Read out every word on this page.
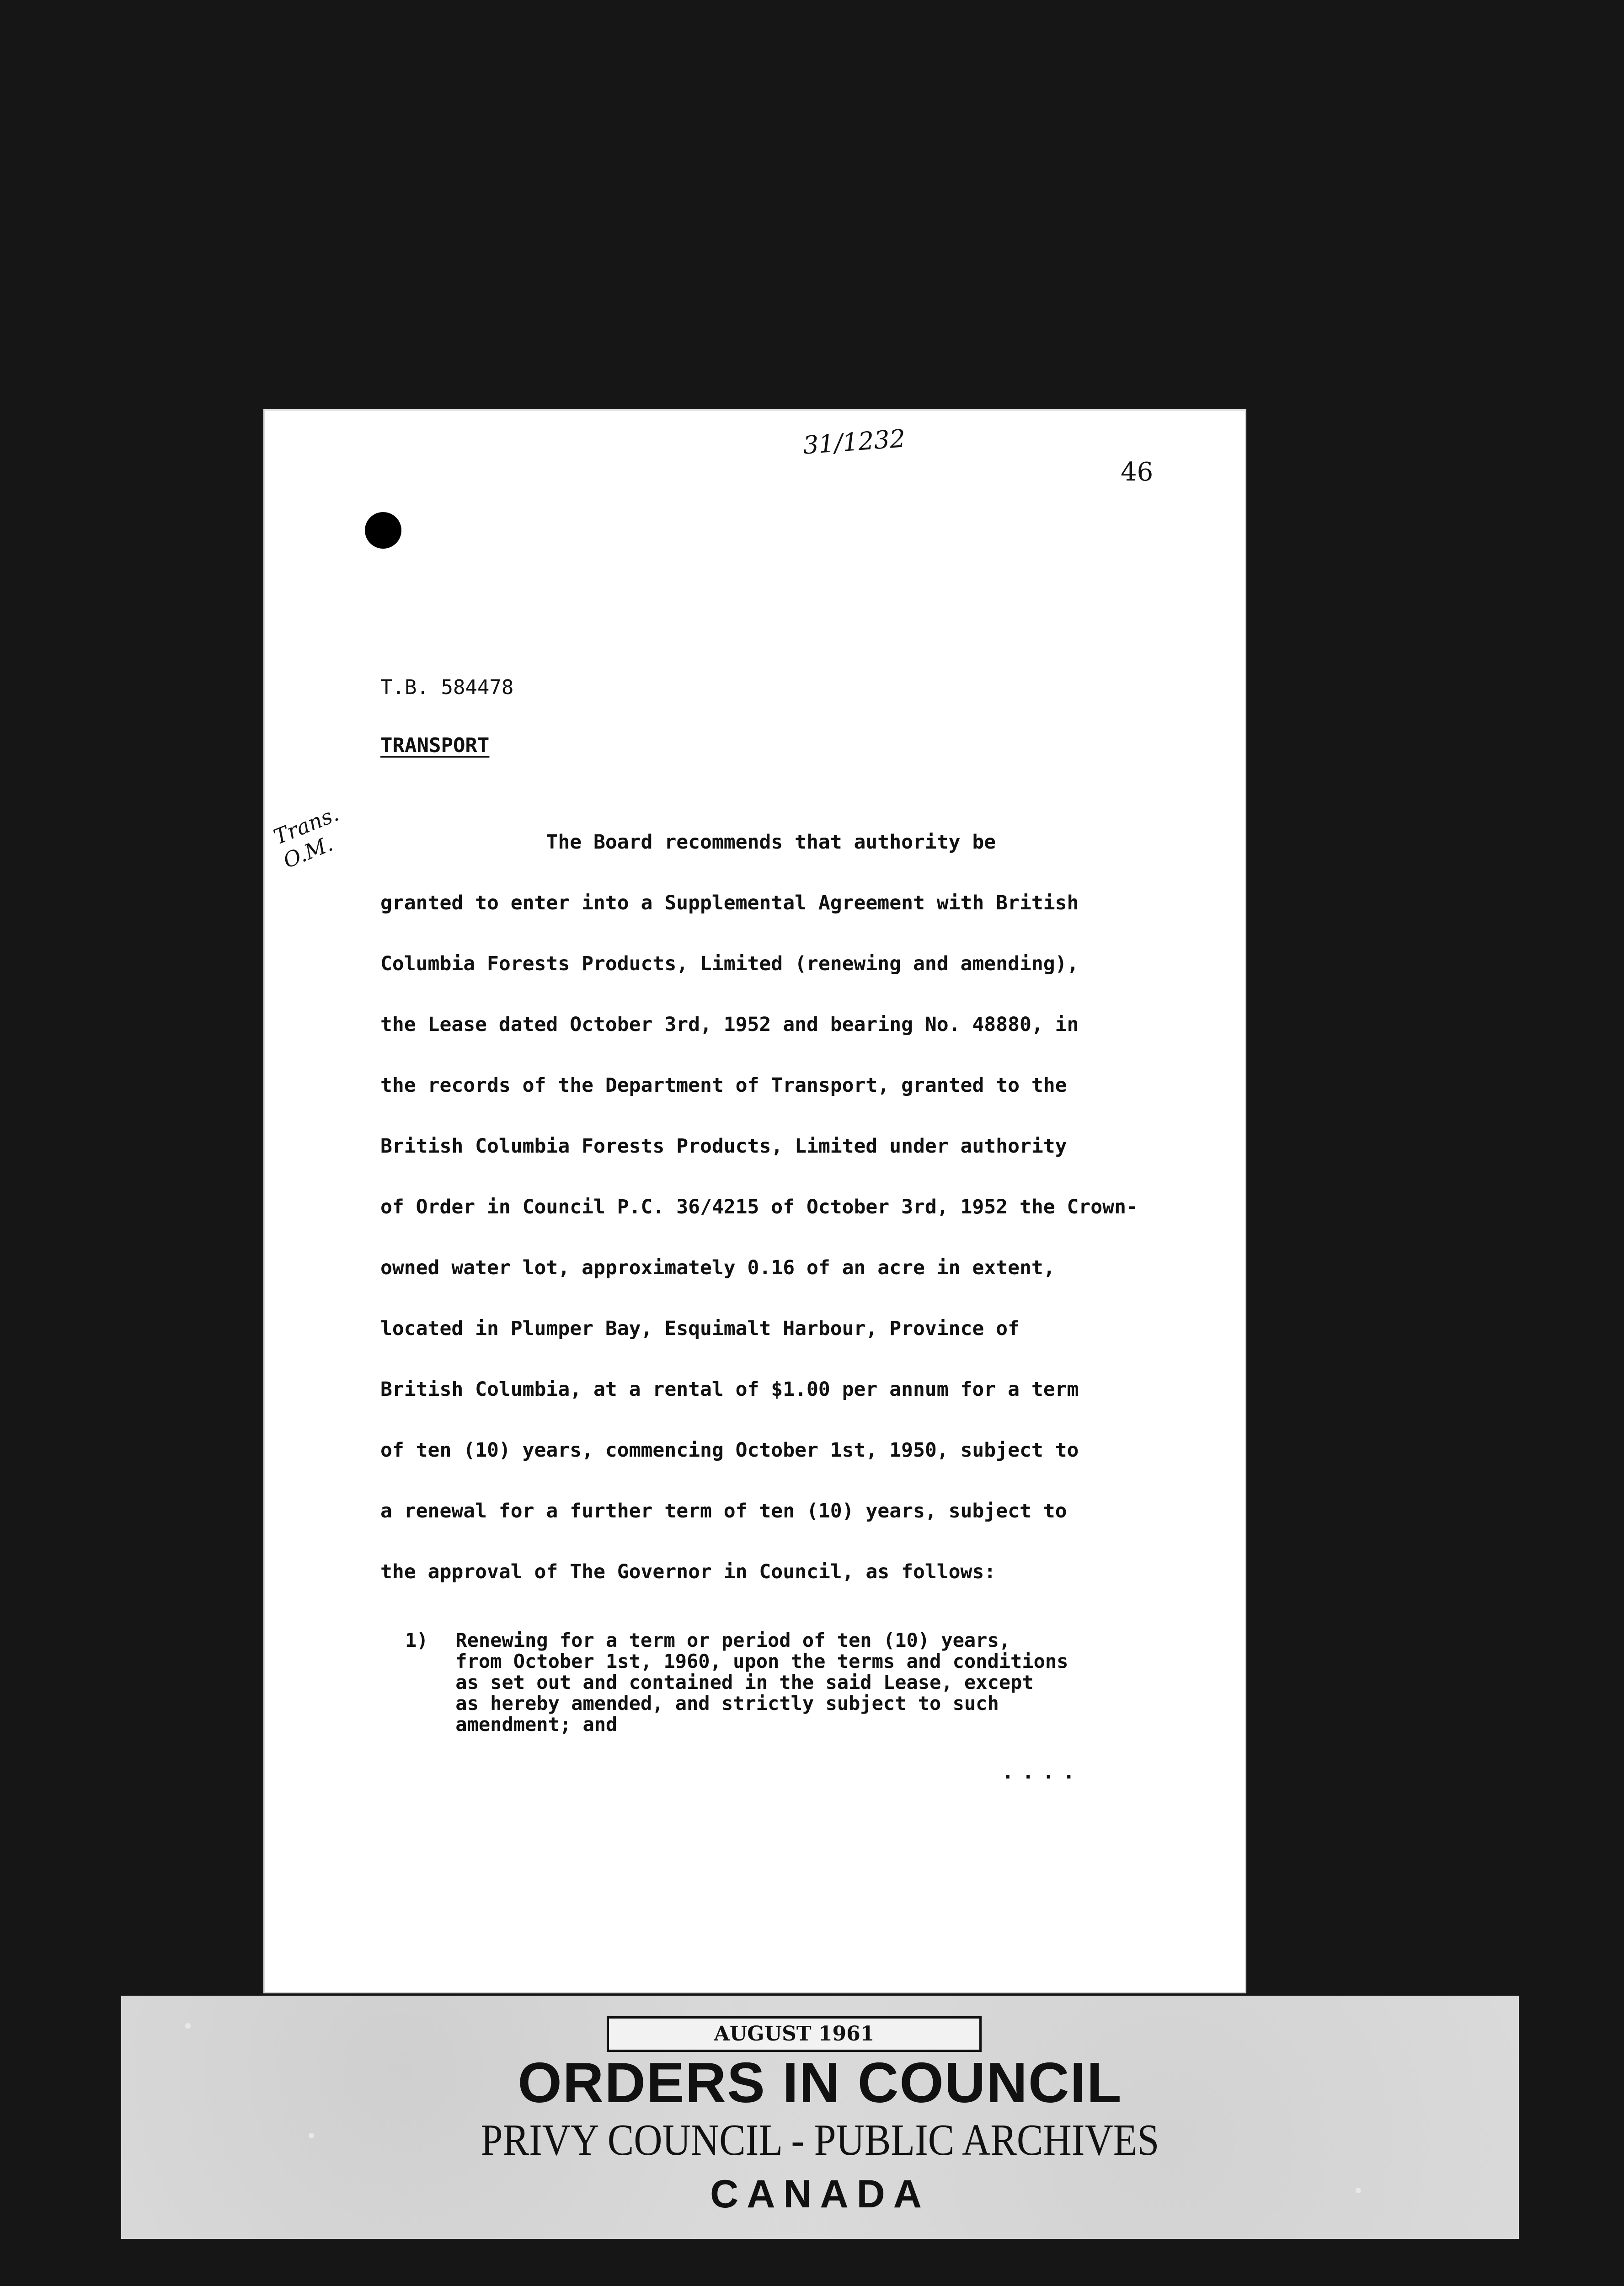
31/1232
46
Trans.
O.M.
T.B. 584478
TRANSPORT
The Board recommends that authority be
granted to enter into a Supplemental Agreement with British
Columbia Forests Products, Limited (renewing and amending),
the Lease dated October 3rd, 1952 and bearing No. 48880, in
the records of the Department of Transport, granted to the
British Columbia Forests Products, Limited under authority
of Order in Council P.C. 36/4215 of October 3rd, 1952 the Crown-
owned water lot, approximately 0.16 of an acre in extent,
located in Plumper Bay, Esquimalt Harbour, Province of
British Columbia, at a rental of $1.00 per annum for a term
of ten (10) years, commencing October 1st, 1950, subject to
a renewal for a further term of ten (10) years, subject to
the approval of The Governor in Council, as follows:
1) Renewing for a term or period of ten (10) years,
from October 1st, 1960, upon the terms and conditions
as set out and contained in the said Lease, except
as hereby amended, and strictly subject to such
amendment; and
....
AUGUST 1961
ORDERS IN COUNCIL
PRIVY COUNCIL - PUBLIC ARCHIVES
CANADA
